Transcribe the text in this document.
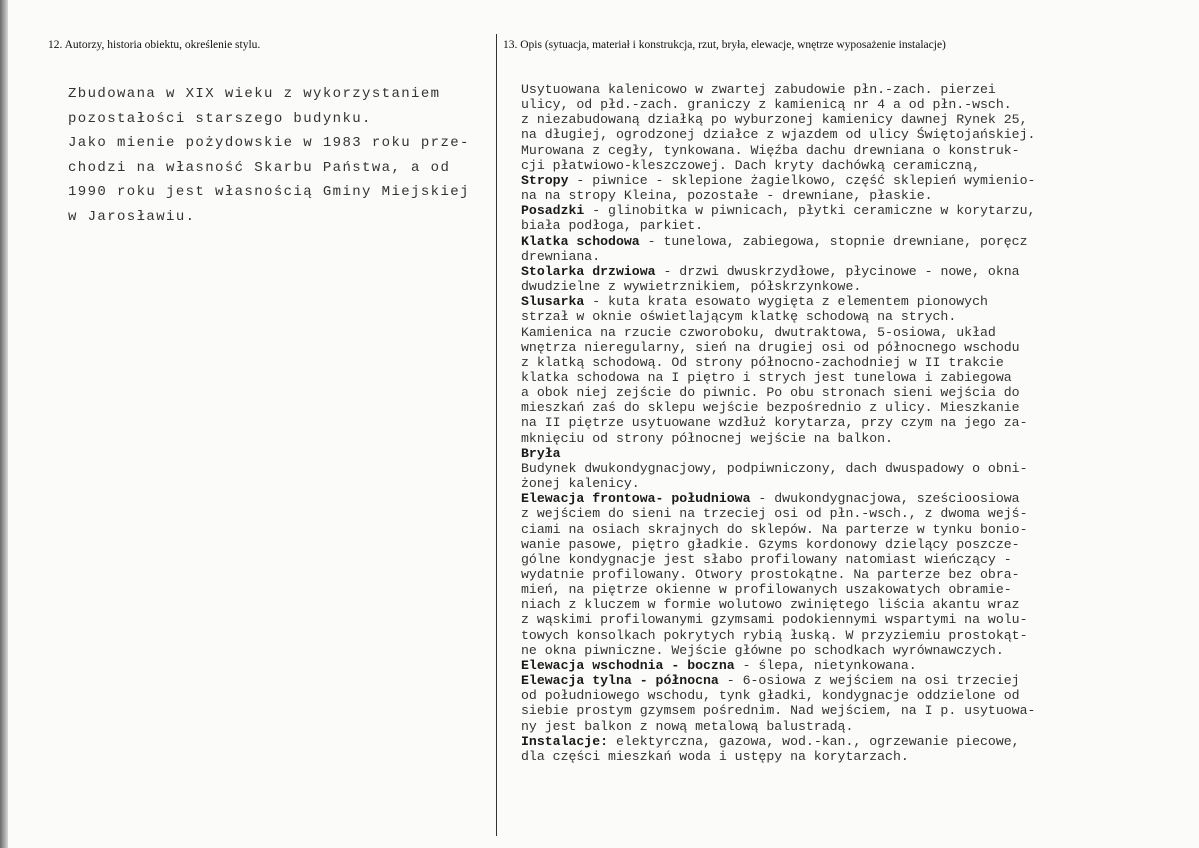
12. Autorzy, historia obiektu, określenie stylu.	13. Opis (sytuacja, materiał i konstrukcja, rzut, bryła, elewacje, wnętrze wyposażenie instalacje)
Zbudowana w XIX wieku z wykorzystaniem
pozostałości starszego budynku.
Jako mienie pożydowskie w 1983 roku prze-
chodzi na własność Skarbu Państwa, a od
1990 roku jest własnością Gminy Miejskiej
w Jarosławiu.
Usytuowana kalenicowo w zwartej zabudowie płn.-zach. pierzei
ulicy, od płd.-zach. graniczy z kamienicą nr 4 a od płn.-wsch.
z niezabudowaną działką po wyburzonej kamienicy dawnej Rynek 25,
na długiej, ogrodzonej działce z wjazdem od ulicy Świętojańskiej.
Murowana z cegły, tynkowana. Więźba dachu drewniana o konstruk-
cji płatwiowo-kleszczowej. Dach kryty dachówką ceramiczną,
Stropy - piwnice - sklepione żagielkowo, część sklepień wymienio-
na na stropy Kleina, pozostałe - drewniane, płaskie.
Posadzki - glinobitka w piwnicach, płytki ceramiczne w korytarzu,
biała podłoga, parkiet.
Klatka schodowa - tunelowa, zabiegowa, stopnie drewniane, poręcz
drewniana.
Stolarka drzwiowa - drzwi dwuskrzydłowe, płycinowe - nowe, okna
dwudzielne z wywietrznikiem, półskrzynkowe.
Slusarka - kuta krata esowato wygięta z elementem pionowych
strzał w oknie oświetlającym klatkę schodową na strych.
Kamienica na rzucie czworoboku, dwutraktowa, 5-osiowa, układ
wnętrza nieregularny, sień na drugiej osi od północnego wschodu
z klatką schodową. Od strony północno-zachodniej w II trakcie
klatka schodowa na I piętro i strych jest tunelowa i zabiegowa
a obok niej zejście do piwnic. Po obu stronach sieni wejścia do
mieszkań zaś do sklepu wejście bezpośrednio z ulicy. Mieszkanie
na II piętrze usytuowane wzdłuż korytarza, przy czym na jego za-
mknięciu od strony północnej wejście na balkon.
Bryła
Budynek dwukondygnacjowy, podpiwniczony, dach dwuspadowy o obni-
żonej kalenicy.
Elewacja frontowa- południowa - dwukondygnacjowa, sześcioosiowa
z wejściem do sieni na trzeciej osi od płn.-wsch., z dwoma wejś-
ciami na osiach skrajnych do sklepów. Na parterze w tynku bonio-
wanie pasowe, piętro gładkie. Gzyms kordonowy dzielący poszcze-
gólne kondygnacje jest słabo profilowany natomiast wieńczący -
wydatnie profilowany. Otwory prostokątne. Na parterze bez obra-
mień, na piętrze okienne w profilowanych uszakowatych obramie-
niach z kluczem w formie wolutowo zwiniętego liścia akantu wraz
z wąskimi profilowanymi gzymsami podokiennymi wspartymi na wolu-
towych konsolkach pokrytych rybią łuską. W przyziemiu prostokąt-
ne okna piwniczne. Wejście główne po schodkach wyrównawczych.
Elewacja wschodnia - boczna - ślepa, nietynkowana.
Elewacja tylna - północna - 6-osiowa z wejściem na osi trzeciej
od południowego wschodu, tynk gładki, kondygnacje oddzielone od
siebie prostym gzymsem pośrednim. Nad wejściem, na I p. usytuowa-
ny jest balkon z nową metalową balustradą.
Instalacje: elektyrczna, gazowa, wod.-kan., ogrzewanie piecowe,
dla części mieszkań woda i ustępy na korytarzach.
